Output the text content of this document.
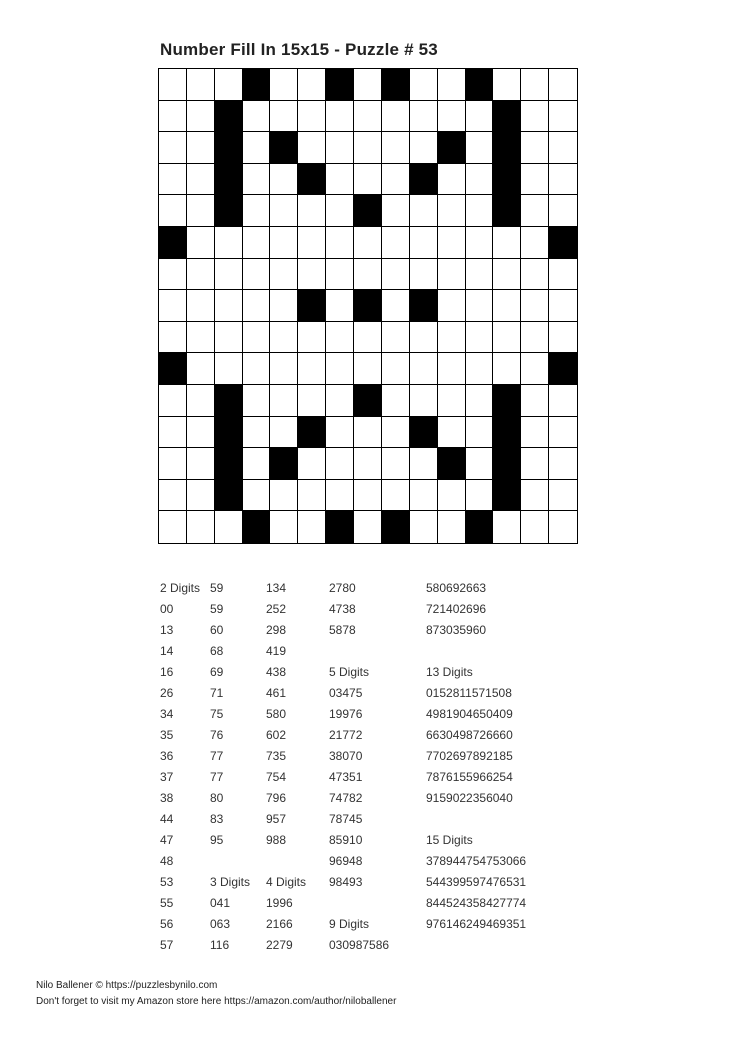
Number Fill In 15x15 - Puzzle # 53
2 Digits
00
13
14
16
26
34
35
36
37
38
44
47
48
53
55
56
57
59
59
60
68
69
71
75
76
77
77
80
83
95
3 Digits
041
063
116
134
252
298
419
438
461
580
602
735
754
796
957
988
4 Digits
1996
2166
2279
2780
4738
5878
5 Digits
03475
19976
21772
38070
47351
74782
78745
85910
96948
98493
9 Digits
030987586
580692663
721402696
873035960
13 Digits
0152811571508
4981904650409
6630498726660
7702697892185
7876155966254
9159022356040
15 Digits
378944754753066
544399597476531
844524358427774
976146249469351
Nilo Ballener © https://puzzlesbynilo.com
Don't forget to visit my Amazon store here https://amazon.com/author/niloballener
